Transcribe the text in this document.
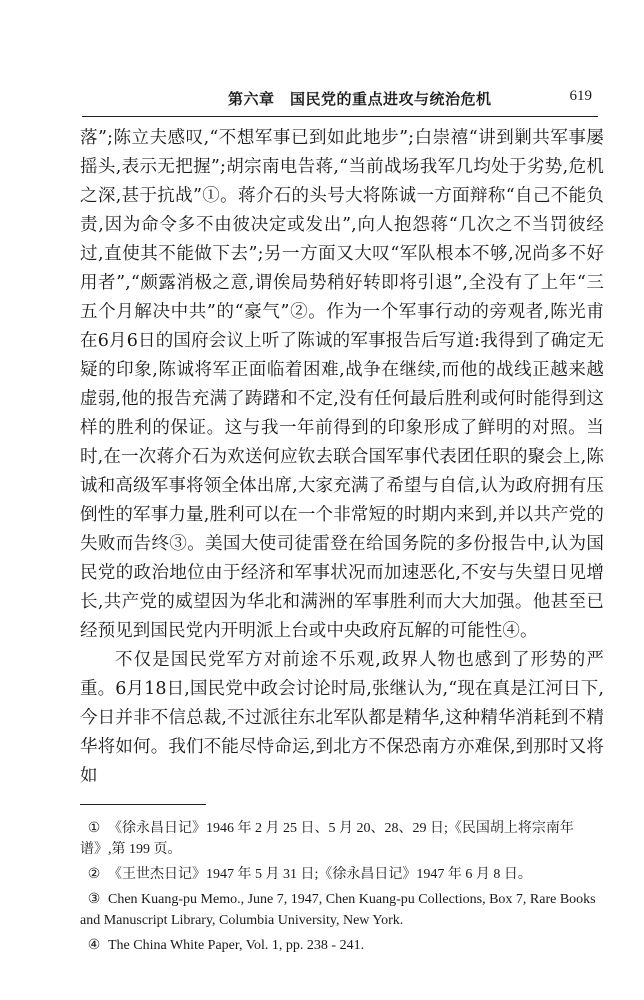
第六章　国民党的重点进攻与统治危机	619

落”;陈立夫感叹,“不想军事已到如此地步”;白崇禧“讲到剿共军事屡摇头,表示无把握”;胡宗南电告蒋,“当前战场我军几均处于劣势,危机之深,甚于抗战”①。蒋介石的头号大将陈诚一方面辩称“自己不能负责,因为命令多不由彼决定或发出”,向人抱怨蒋“几次之不当罚彼经过,直使其不能做下去”;另一方面又大叹“军队根本不够,况尚多不好用者”,“颇露消极之意,谓俟局势稍好转即将引退”,全没有了上年“三五个月解决中共”的“豪气”②。作为一个军事行动的旁观者,陈光甫在6月6日的国府会议上听了陈诚的军事报告后写道:我得到了确定无疑的印象,陈诚将军正面临着困难,战争在继续,而他的战线正越来越虚弱,他的报告充满了踌躇和不定,没有任何最后胜利或何时能得到这样的胜利的保证。这与我一年前得到的印象形成了鲜明的对照。当时,在一次蒋介石为欢送何应钦去联合国军事代表团任职的聚会上,陈诚和高级军事将领全体出席,大家充满了希望与自信,认为政府拥有压倒性的军事力量,胜利可以在一个非常短的时期内来到,并以共产党的失败而告终③。美国大使司徒雷登在给国务院的多份报告中,认为国民党的政治地位由于经济和军事状况而加速恶化,不安与失望日见增长,共产党的威望因为华北和满洲的军事胜利而大大加强。他甚至已经预见到国民党内开明派上台或中央政府瓦解的可能性④。

不仅是国民党军方对前途不乐观,政界人物也感到了形势的严重。6月18日,国民党中政会讨论时局,张继认为,“现在真是江河日下,今日并非不信总裁,不过派往东北军队都是精华,这种精华消耗到不精华将如何。我们不能尽恃命运,到北方不保恐南方亦难保,到那时又将如

① 《徐永昌日记》1946 年 2 月 25 日、5 月 20、28、29 日;《民国胡上将宗南年谱》,第 199 页。

② 《王世杰日记》1947 年 5 月 31 日;《徐永昌日记》1947 年 6 月 8 日。

③ Chen Kuang-pu Memo., June 7, 1947, Chen Kuang-pu Collections, Box 7, Rare Books and Manuscript Library, Columbia University, New York.

④ The China White Paper, Vol. 1, pp. 238 - 241.
